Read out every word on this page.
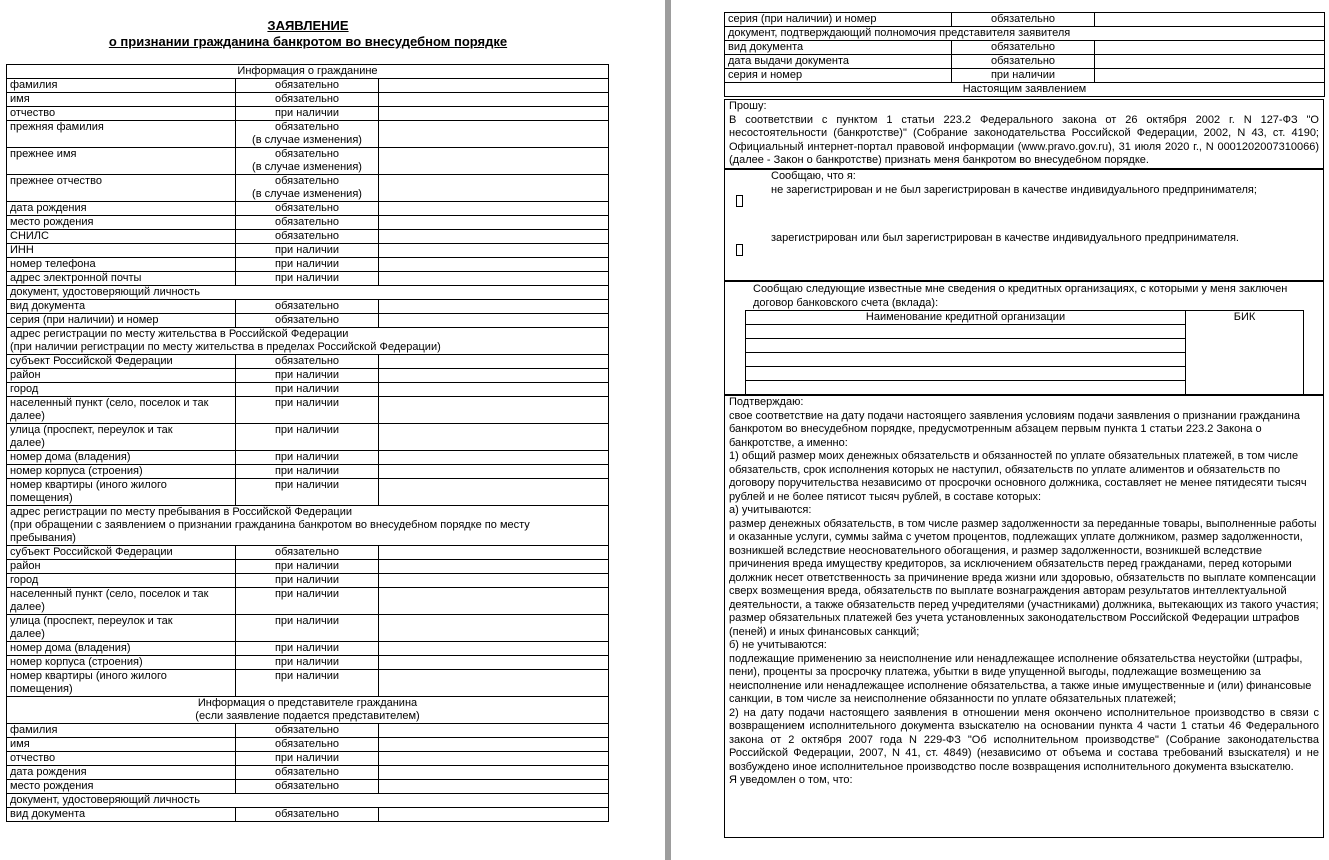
ЗАЯВЛЕНИЕ
о признании гражданина банкротом во внесудебном порядке
Информация о гражданине		
фамилия	обязательно	
имя	обязательно	
отчество	при наличии	
прежняя фамилия	обязательно
(в случае изменения)	
прежнее имя	обязательно
(в случае изменения)	
прежнее отчество	обязательно
(в случае изменения)	
дата рождения	обязательно	
место рождения	обязательно	
СНИЛС	обязательно	
ИНН	при наличии	
номер телефона	при наличии	
адрес электронной почты	при наличии	
документ, удостоверяющий личность		
вид документа	обязательно	
серия (при наличии) и номер	обязательно	
адрес регистрации по месту жительства в Российской Федерации
(при наличии регистрации по месту жительства в пределах Российской Федерации)		
субъект Российской Федерации	обязательно	
район	при наличии	
город	при наличии	
населенный пункт (село, поселок и так
далее)	при наличии	
улица (проспект, переулок и так
далее)	при наличии	
номер дома (владения)	при наличии	
номер корпуса (строения)	при наличии	
номер квартиры (иного жилого
помещения)	при наличии	
адрес регистрации по месту пребывания в Российской Федерации
(при обращении с заявлением о признании гражданина банкротом во внесудебном порядке по месту
пребывания)		
субъект Российской Федерации	обязательно	
район	при наличии	
город	при наличии	
населенный пункт (село, поселок и так
далее)	при наличии	
улица (проспект, переулок и так
далее)	при наличии	
номер дома (владения)	при наличии	
номер корпуса (строения)	при наличии	
номер квартиры (иного жилого
помещения)	при наличии	
Информация о представителе гражданина
(если заявление подается представителем)		
фамилия	обязательно	
имя	обязательно	
отчество	при наличии	
дата рождения	обязательно	
место рождения	обязательно	
документ, удостоверяющий личность		
вид документа	обязательно	
серия (при наличии) и номер	обязательно	
документ, подтверждающий полномочия представителя заявителя		
вид документа	обязательно	
дата выдачи документа	обязательно	
серия и номер	при наличии	
Настоящим заявлением		
Прошу:
В соответствии с пунктом 1 статьи 223.2 Федерального закона от 26 октября 2002 г. N 127-ФЗ "О несостоятельности (банкротстве)" (Собрание законодательства Российской Федерации, 2002, N 43, ст. 4190; Официальный интернет-портал правовой информации (www.pravo.gov.ru), 31 июля 2020 г., N 0001202007310066) (далее - Закон о банкротстве) признать меня банкротом во внесудебном порядке.
Сообщаю, что я:
не зарегистрирован и не был зарегистрирован в качестве индивидуального предпринимателя;
зарегистрирован или был зарегистрирован в качестве индивидуального предпринимателя.
Сообщаю следующие известные мне сведения о кредитных организациях, с которыми у меня заключен договор банковского счета (вклада):
Наименование кредитной организации	БИК

Подтверждаю:
свое соответствие на дату подачи настоящего заявления условиям подачи заявления о признании гражданина банкротом во внесудебном порядке, предусмотренным абзацем первым пункта 1 статьи 223.2 Закона о банкротстве, а именно:
1) общий размер моих денежных обязательств и обязанностей по уплате обязательных платежей, в том числе обязательств, срок исполнения которых не наступил, обязательств по уплате алиментов и обязательств по договору поручительства независимо от просрочки основного должника, составляет не менее пятидесяти тысяч рублей и не более пятисот тысяч рублей, в составе которых:
а) учитываются:
размер денежных обязательств, в том числе размер задолженности за переданные товары, выполненные работы и оказанные услуги, суммы займа с учетом процентов, подлежащих уплате должником, размер задолженности, возникшей вследствие неосновательного обогащения, и размер задолженности, возникшей вследствие причинения вреда имуществу кредиторов, за исключением обязательств перед гражданами, перед которыми должник несет ответственность за причинение вреда жизни или здоровью, обязательств по выплате компенсации сверх возмещения вреда, обязательств по выплате вознаграждения авторам результатов интеллектуальной деятельности, а также обязательств перед учредителями (участниками) должника, вытекающих из такого участия;
размер обязательных платежей без учета установленных законодательством Российской Федерации штрафов (пеней) и иных финансовых санкций;
б) не учитываются:
подлежащие применению за неисполнение или ненадлежащее исполнение обязательства неустойки (штрафы, пени), проценты за просрочку платежа, убытки в виде упущенной выгоды, подлежащие возмещению за неисполнение или ненадлежащее исполнение обязательства, а также иные имущественные и (или) финансовые санкции, в том числе за неисполнение обязанности по уплате обязательных платежей;
2) на дату подачи настоящего заявления в отношении меня окончено исполнительное производство в связи с возвращением исполнительного документа взыскателю на основании пункта 4 части 1 статьи 46 Федерального закона от 2 октября 2007 года N 229-ФЗ "Об исполнительном производстве" (Собрание законодательства Российской Федерации, 2007, N 41, ст. 4849) (независимо от объема и состава требований взыскателя) и не возбуждено иное исполнительное производство после возвращения исполнительного документа взыскателю.
Я уведомлен о том, что:
